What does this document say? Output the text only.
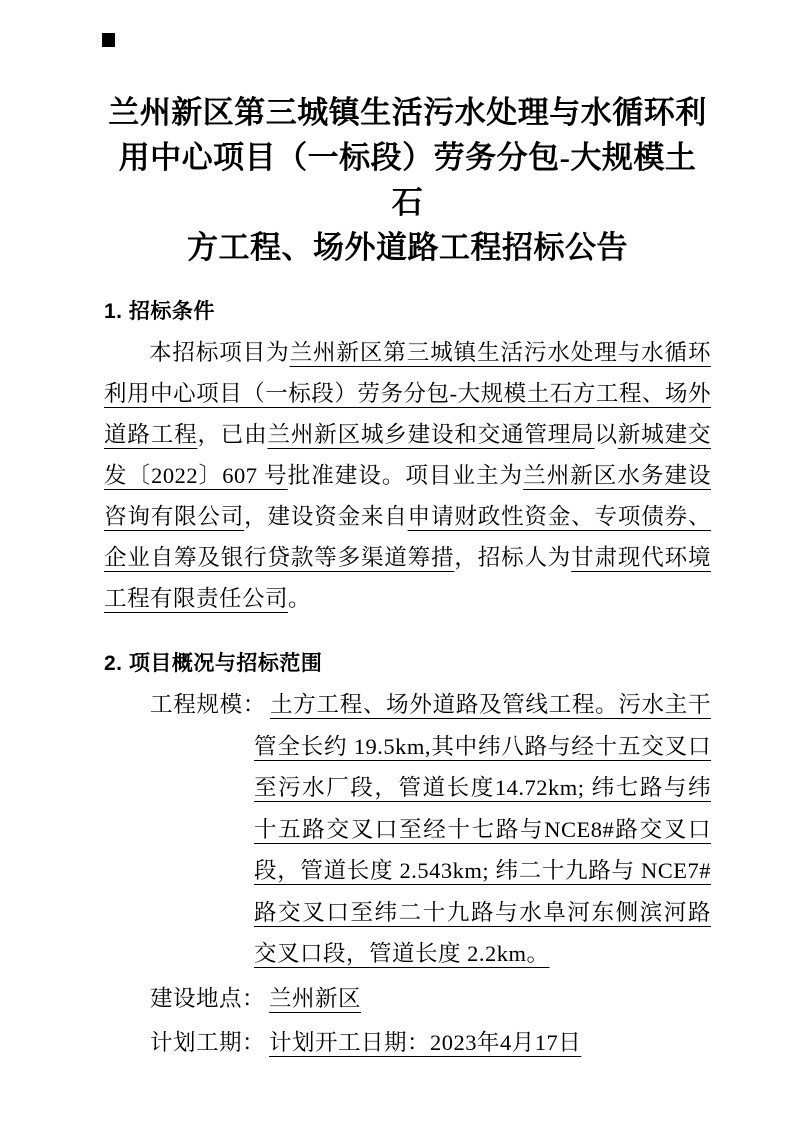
兰州新区第三城镇生活污水处理与水循环利
用中心项目（一标段）劳务分包-大规模土石
方工程、场外道路工程招标公告
1. 招标条件

本招标项目为兰州新区第三城镇生活污水处理与水循环利用中心项目（一标段）劳务分包-大规模土石方工程、场外道路工程，已由兰州新区城乡建设和交通管理局以新城建交发〔2022〕607 号批准建设。项目业主为兰州新区水务建设咨询有限公司，建设资金来自申请财政性资金、专项债券、企业自筹及银行贷款等多渠道筹措，招标人为甘肃现代环境工程有限责任公司。

2. 项目概况与招标范围
工程规模： 土方工程、场外道路及管线工程。污水主干管全长约 19.5km,其中纬八路与经十五交叉口至污水厂段，管道长度14.72km; 纬七路与纬十五路交叉口至经十七路与NCE8#路交叉口段，管道长度 2.543km; 纬二十九路与 NCE7#路交叉口至纬二十九路与水阜河东侧滨河路交叉口段，管道长度 2.2km。
建设地点： 兰州新区
计划工期： 计划开工日期：2023年4月17日
